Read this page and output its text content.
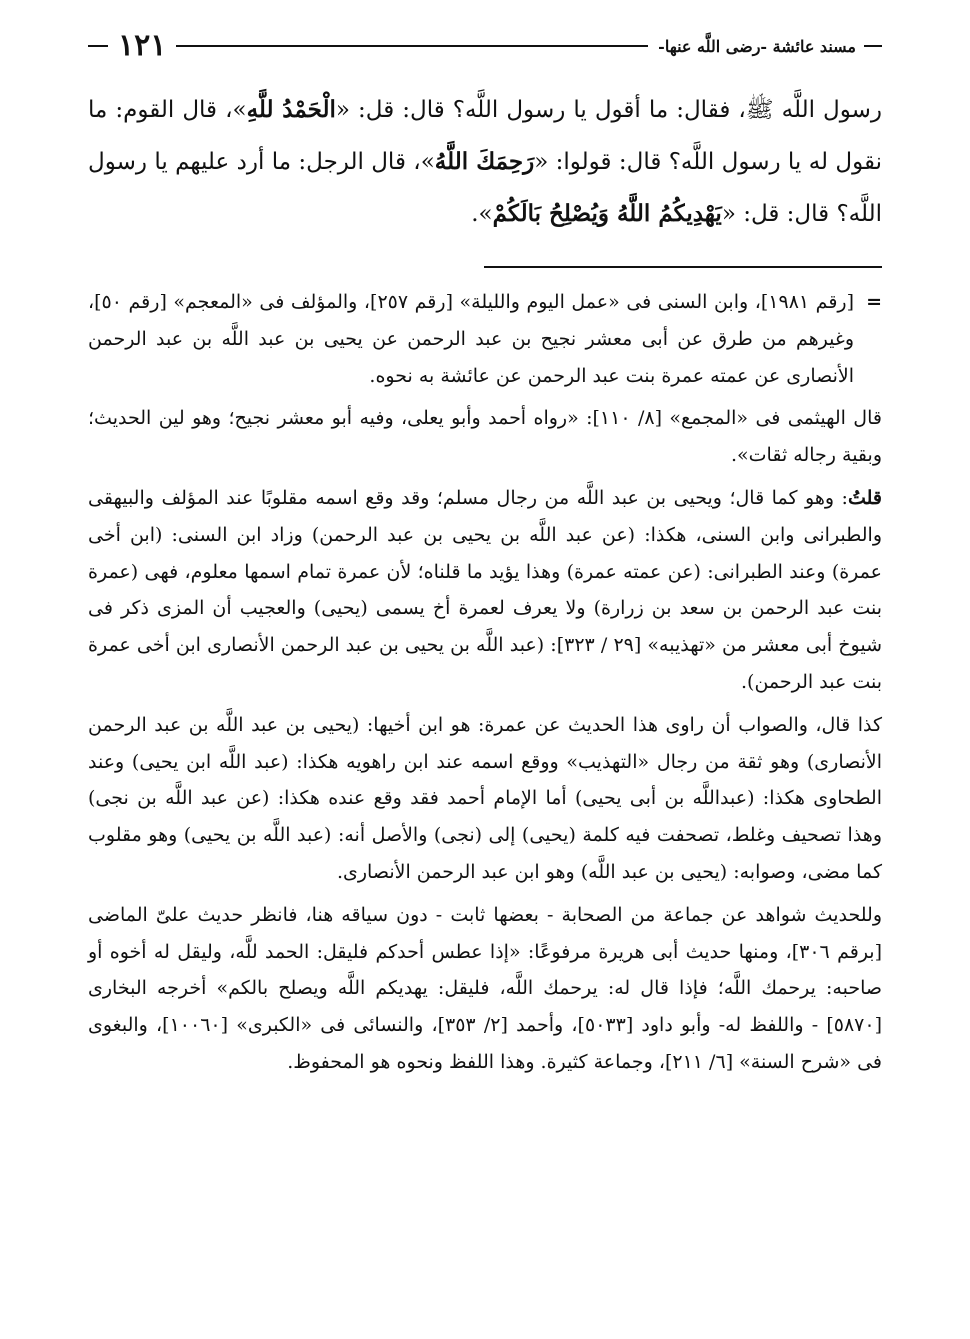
مسند عائشة -رضى اللَّه عنها-
١٢١

رسول اللَّه ﷺ، فقال: ما أقول يا رسول اللَّه؟ قال: قل: «الْحَمْدُ للَّهِ»، قال القوم: ما نقول له يا رسول اللَّه؟ قال: قولوا: «رَحِمَكَ اللَّهُ»، قال الرجل: ما أرد عليهم يا رسول اللَّه؟ قال: قل: «يَهْدِيكُمُ اللَّهُ وَيُصْلِحُ بَالَكُمْ».

=
[رقم ١٩٨١]، وابن السنى فى «عمل اليوم والليلة» [رقم ٢٥٧]، والمؤلف فى «المعجم» [رقم ٥٠]، وغيرهم من طرق عن أبى معشر نجيح بن عبد الرحمن عن يحيى بن عبد اللَّه بن عبد الرحمن الأنصارى عن عمته عمرة بنت عبد الرحمن عن عائشة به نحوه.

قال الهيثمى فى «المجمع» [٨/ ١١٠]: «رواه أحمد وأبو يعلى، وفيه أبو معشر نجيح؛ وهو لين الحديث؛ وبقية رجاله ثقات».

قلتُ: وهو كما قال؛ ويحيى بن عبد اللَّه من رجال مسلم؛ وقد وقع اسمه مقلوبًا عند المؤلف والبيهقى والطبرانى وابن السنى، هكذا: (عن عبد اللَّه بن يحيى بن عبد الرحمن) وزاد ابن السنى: (ابن أخى عمرة) وعند الطبرانى: (عن عمته عمرة) وهذا يؤيد ما قلناه؛ لأن عمرة تمام اسمها معلوم، فهى (عمرة بنت عبد الرحمن بن سعد بن زرارة) ولا يعرف لعمرة أخ يسمى (يحيى) والعجيب أن المزى ذكر فى شيوخ أبى معشر من «تهذيبه» [٢٩ / ٣٢٣]: (عبد اللَّه بن يحيى بن عبد الرحمن الأنصارى ابن أخى عمرة بنت عبد الرحمن).

كذا قال، والصواب أن راوى هذا الحديث عن عمرة: هو ابن أخيها: (يحيى بن عبد اللَّه بن عبد الرحمن الأنصارى) وهو ثقة من رجال «التهذيب» ووقع اسمه عند ابن راهويه هكذا: (عبد اللَّه ابن يحيى) وعند الطحاوى هكذا: (عبداللَّه بن أبى يحيى) أما الإمام أحمد فقد وقع عنده هكذا: (عن عبد اللَّه بن نجى) وهذا تصحيف وغلط، تصحفت فيه كلمة (يحيى) إلى (نجى) والأصل أنه: (عبد اللَّه بن يحيى) وهو مقلوب كما مضى، وصوابه: (يحيى بن عبد اللَّه) وهو ابن عبد الرحمن الأنصارى.

وللحديث شواهد عن جماعة من الصحابة - بعضها ثابت - دون سياقه هنا، فانظر حديث علىّ الماضى [برقم ٣٠٦]، ومنها حديث أبى هريرة مرفوعًا: «إذا عطس أحدكم فليقل: الحمد للَّه، وليقل له أخوه أو صاحبه: يرحمك اللَّه؛ فإذا قال له: يرحمك اللَّه، فليقل: يهديكم اللَّه ويصلح بالكم» أخرجه البخارى [٥٨٧٠] - واللفظ له- وأبو داود [٥٠٣٣]، وأحمد [٢/ ٣٥٣]، والنسائى فى «الكبرى» [١٠٠٦٠]، والبغوى فى «شرح السنة» [٦/ ٢١١]، وجماعة كثيرة. وهذا اللفظ ونحوه هو المحفوظ.
